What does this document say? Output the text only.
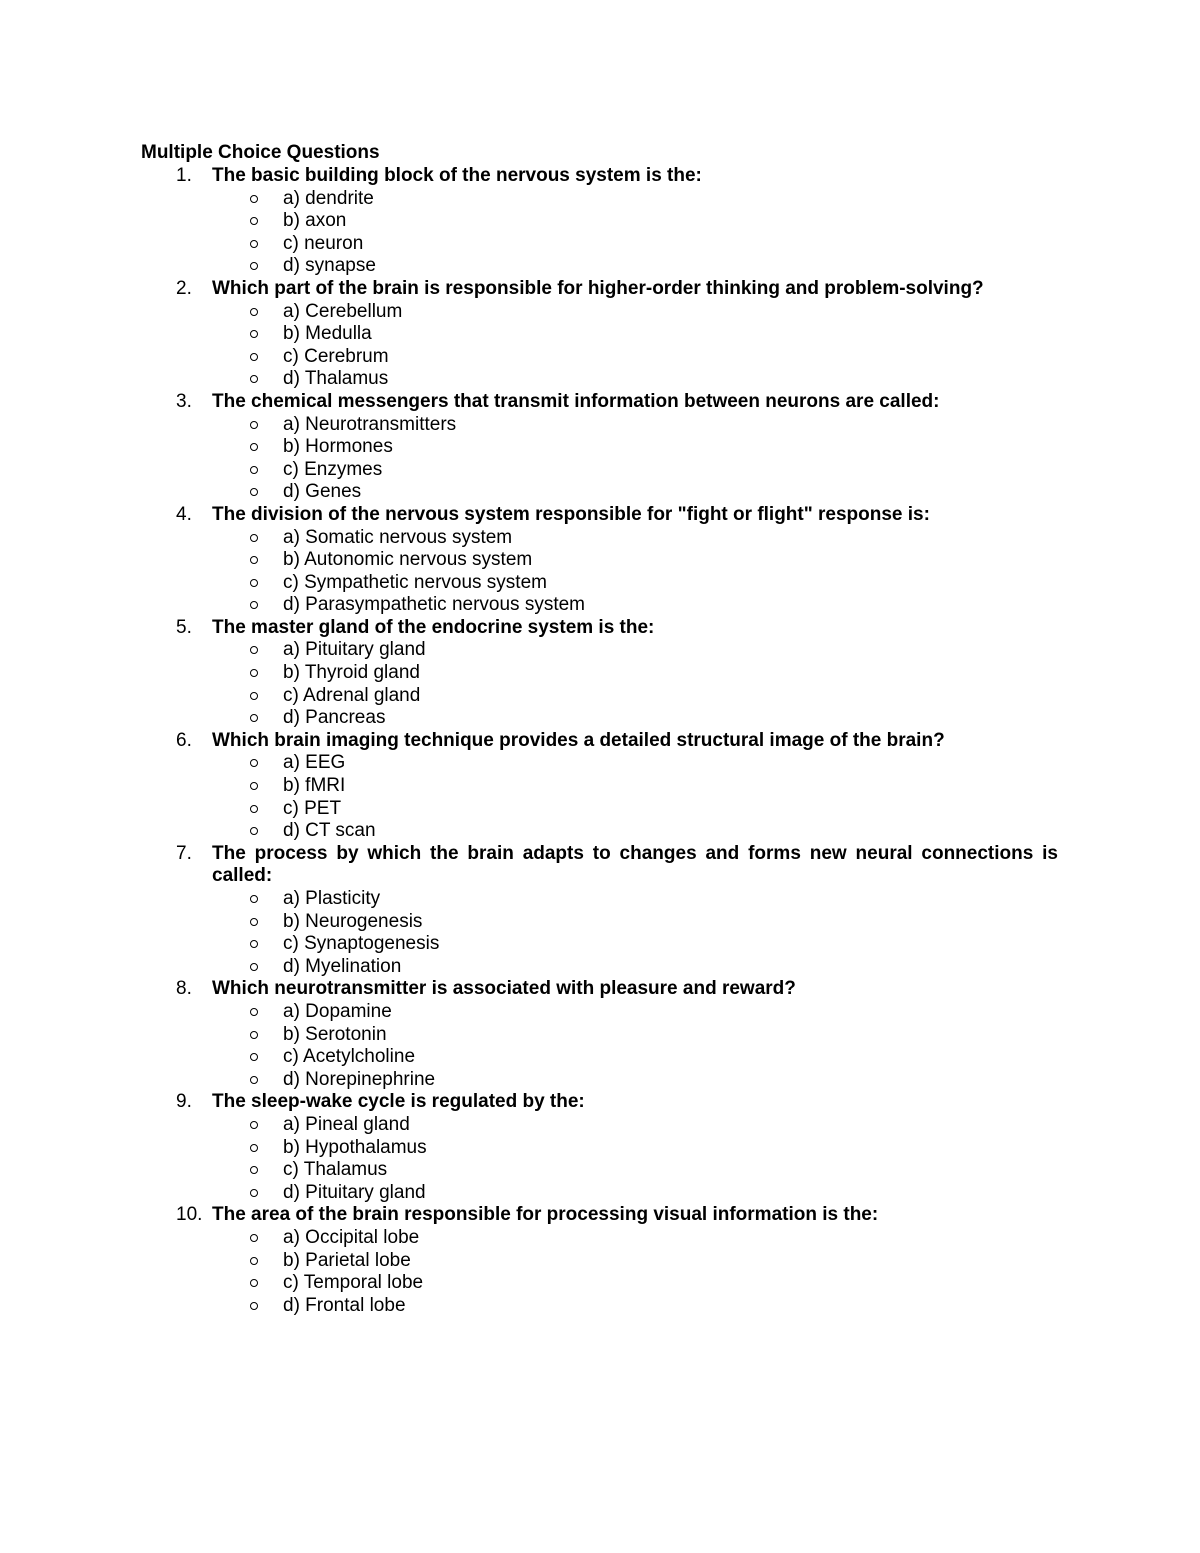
Multiple Choice Questions
1. The basic building block of the nervous system is the:
a) dendrite
b) axon
c) neuron
d) synapse
2. Which part of the brain is responsible for higher-order thinking and problem-solving?
a) Cerebellum
b) Medulla
c) Cerebrum
d) Thalamus
3. The chemical messengers that transmit information between neurons are called:
a) Neurotransmitters
b) Hormones
c) Enzymes
d) Genes
4. The division of the nervous system responsible for "fight or flight" response is:
a) Somatic nervous system
b) Autonomic nervous system
c) Sympathetic nervous system
d) Parasympathetic nervous system
5. The master gland of the endocrine system is the:
a) Pituitary gland
b) Thyroid gland
c) Adrenal gland
d) Pancreas
6. Which brain imaging technique provides a detailed structural image of the brain?
a) EEG
b) fMRI
c) PET
d) CT scan
7. The process by which the brain adapts to changes and forms new neural connections is called:
a) Plasticity
b) Neurogenesis
c) Synaptogenesis
d) Myelination
8. Which neurotransmitter is associated with pleasure and reward?
a) Dopamine
b) Serotonin
c) Acetylcholine
d) Norepinephrine
9. The sleep-wake cycle is regulated by the:
a) Pineal gland
b) Hypothalamus
c) Thalamus
d) Pituitary gland
10. The area of the brain responsible for processing visual information is the:
a) Occipital lobe
b) Parietal lobe
c) Temporal lobe
d) Frontal lobe
